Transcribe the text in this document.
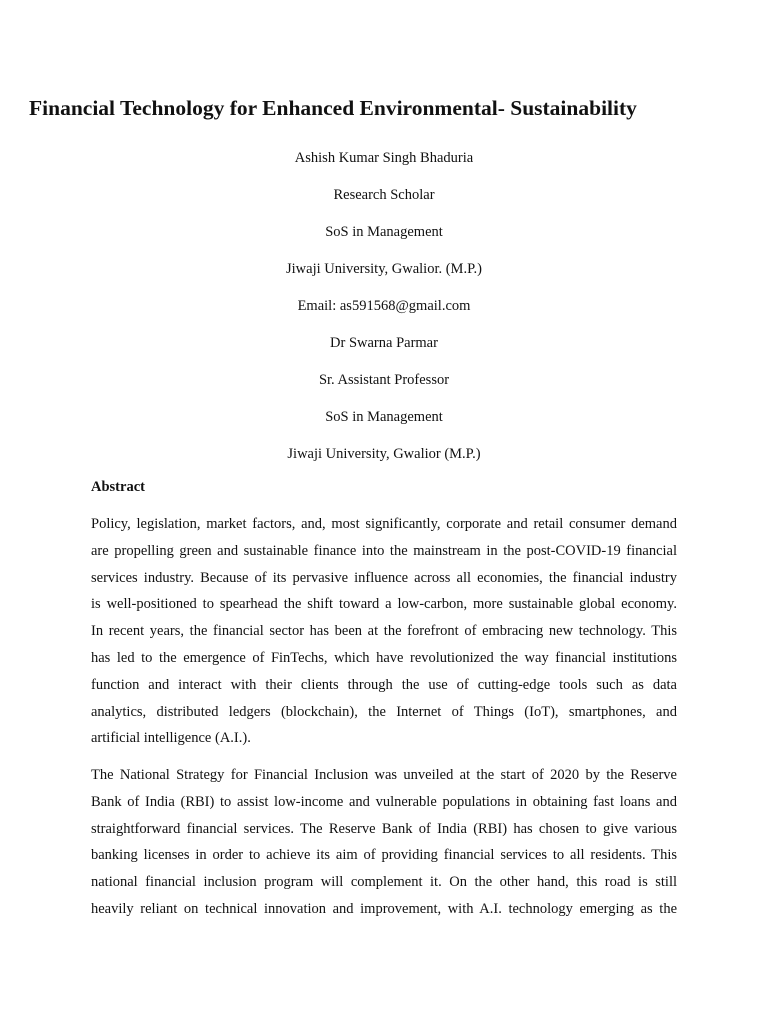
Financial Technology for Enhanced Environmental- Sustainability
Ashish Kumar Singh Bhaduria
Research Scholar
SoS in Management
Jiwaji University, Gwalior. (M.P.)
Email: as591568@gmail.com
Dr Swarna Parmar
Sr. Assistant Professor
SoS in Management
Jiwaji University, Gwalior (M.P.)
Abstract

Policy, legislation, market factors, and, most significantly, corporate and retail consumer demand
are propelling green and sustainable finance into the mainstream in the post-COVID-19 financial
services industry. Because of its pervasive influence across all economies, the financial industry
is well-positioned to spearhead the shift toward a low-carbon, more sustainable global economy.
In recent years, the financial sector has been at the forefront of embracing new technology. This
has led to the emergence of FinTechs, which have revolutionized the way financial institutions
function and interact with their clients through the use of cutting-edge tools such as data
analytics, distributed ledgers (blockchain), the Internet of Things (IoT), smartphones, and
artificial intelligence (A.I.).

The National Strategy for Financial Inclusion was unveiled at the start of 2020 by the Reserve
Bank of India (RBI) to assist low-income and vulnerable populations in obtaining fast loans and
straightforward financial services. The Reserve Bank of India (RBI) has chosen to give various
banking licenses in order to achieve its aim of providing financial services to all residents. This
national financial inclusion program will complement it. On the other hand, this road is still
heavily reliant on technical innovation and improvement, with A.I. technology emerging as the
